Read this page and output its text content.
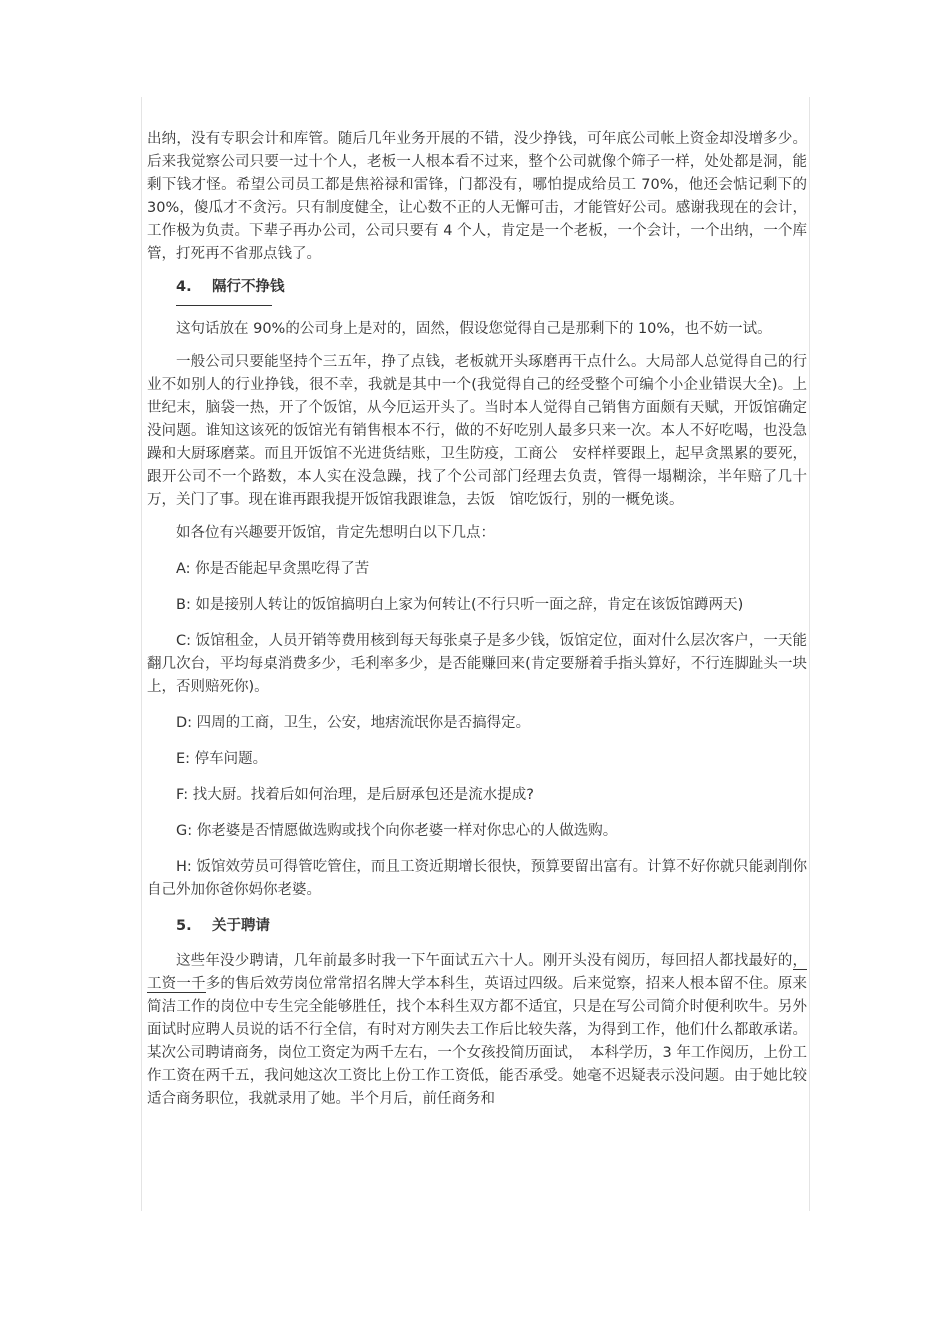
出纳，没有专职会计和库管。随后几年业务开展的不错，没少挣钱，可年底公司帐上资金却没增多少。后来我觉察公司只要一过十个人，老板一人根本看不过来，整个公司就像个筛子一样，处处都是洞，能剩下钱才怪。希望公司员工都是焦裕禄和雷锋，门都没有，哪怕提成给员工 70%，他还会惦记剩下的 30%，傻瓜才不贪污。只有制度健全，让心数不正的人无懈可击，才能管好公司。感谢我现在的会计，工作极为负责。下辈子再办公司，公司只要有 4 个人，肯定是一个老板，一个会计，一个出纳，一个库管，打死再不省那点钱了。

4. 隔行不挣钱

这句话放在 90%的公司身上是对的，固然，假设您觉得自己是那剩下的 10%，也不妨一试。

一般公司只要能坚持个三五年，挣了点钱，老板就开头琢磨再干点什么。大局部人总觉得自己的行业不如别人的行业挣钱，很不幸，我就是其中一个(我觉得自己的经受整个可编个小企业错误大全)。上世纪末，脑袋一热，开了个饭馆，从今厄运开头了。当时本人觉得自己销售方面颇有天赋，开饭馆确定没问题。谁知这该死的饭馆光有销售根本不行，做的不好吃别人最多只来一次。本人不好吃喝，也没急躁和大厨琢磨菜。而且开饭馆不光进货结账，卫生防疫，工商公　安样样要跟上，起早贪黑累的要死，跟开公司不一个路数，本人实在没急躁，找了个公司部门经理去负责，管得一塌糊涂，半年赔了几十万，关门了事。现在谁再跟我提开饭馆我跟谁急，去饭　馆吃饭行，别的一概免谈。

如各位有兴趣要开饭馆，肯定先想明白以下几点：

A: 你是否能起早贪黑吃得了苦

B: 如是接别人转让的饭馆搞明白上家为何转让(不行只听一面之辞，肯定在该饭馆蹲两天)

C: 饭馆租金，人员开销等费用核到每天每张桌子是多少钱，饭馆定位，面对什么层次客户，一天能翻几次台，平均每桌消费多少，毛利率多少，是否能赚回来(肯定要掰着手指头算好，不行连脚趾头一块上，否则赔死你)。

D: 四周的工商，卫生，公安，地痞流氓你是否搞得定。

E: 停车问题。

F: 找大厨。找着后如何治理，是后厨承包还是流水提成?

G: 你老婆是否情愿做选购或找个向你老婆一样对你忠心的人做选购。

H: 饭馆效劳员可得管吃管住，而且工资近期增长很快，预算要留出富有。计算不好你就只能剥削你自己外加你爸你妈你老婆。

5. 关于聘请

这些年没少聘请，几年前最多时我一下午面试五六十人。刚开头没有阅历，每回招人都找最好的，工资一千多的售后效劳岗位常常招名牌大学本科生，英语过四级。后来觉察，招来人根本留不住。原来简洁工作的岗位中专生完全能够胜任，找个本科生双方都不适宜，只是在写公司简介时便利吹牛。另外面试时应聘人员说的话不行全信，有时对方刚失去工作后比较失落，为得到工作，他们什么都敢承诺。某次公司聘请商务，岗位工资定为两千左右，一个女孩投简历面试，　本科学历，3 年工作阅历，上份工作工资在两千五，我问她这次工资比上份工作工资低，能否承受。她毫不迟疑表示没问题。由于她比较适合商务职位，我就录用了她。半个月后，前任商务和
